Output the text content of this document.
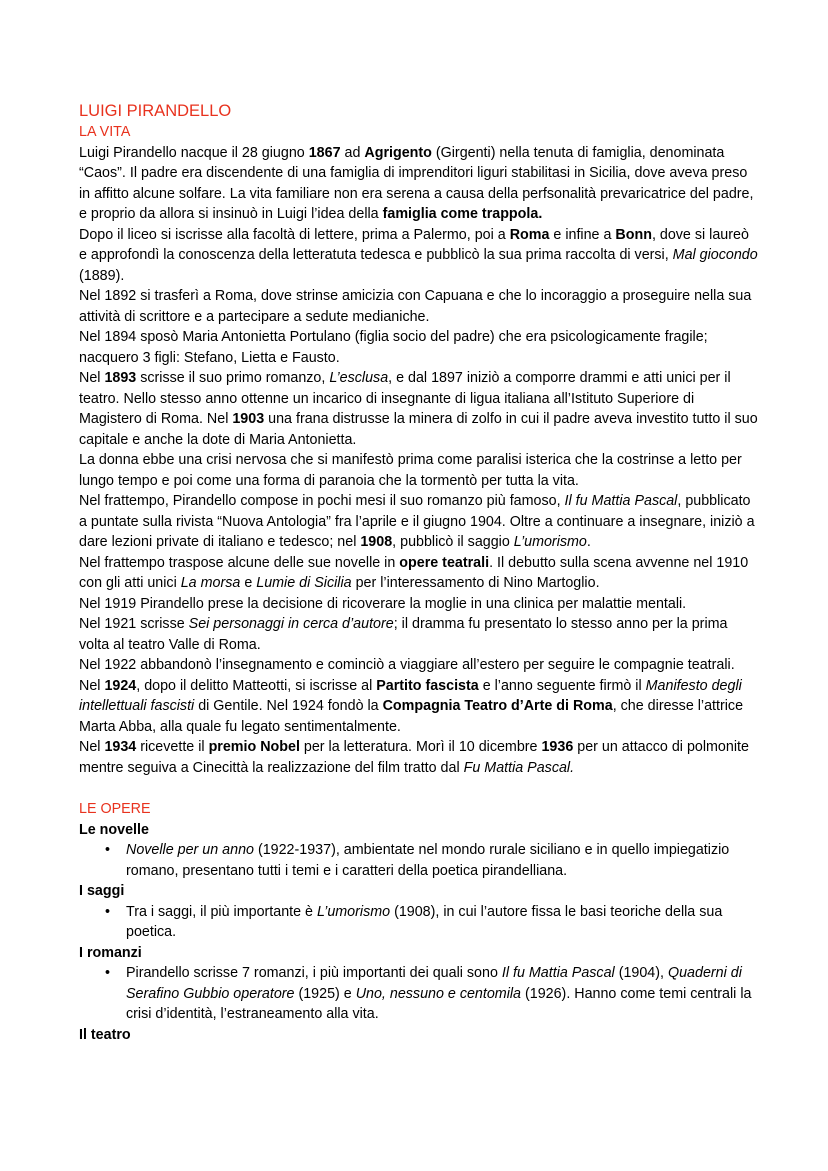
LUIGI PIRANDELLO
LA VITA

Luigi Pirandello nacque il 28 giugno 1867 ad Agrigento (Girgenti) nella tenuta di famiglia, denominata “Caos”. Il padre era discendente di una famiglia di imprenditori liguri stabilitasi in Sicilia, dove aveva preso in affitto alcune solfare. La vita familiare non era serena a causa della perfsonalità prevaricatrice del padre, e proprio da allora si insinuò in Luigi l’idea della famiglia come trappola.

Dopo il liceo si iscrisse alla facoltà di lettere, prima a Palermo, poi a Roma e infine a Bonn, dove si laureò e approfondì la conoscenza della letteratuta tedesca e pubblicò la sua prima raccolta di versi, Mal giocondo (1889).

Nel 1892 si trasferì a Roma, dove strinse amicizia con Capuana e che lo incoraggio a proseguire nella sua attività di scrittore e a partecipare a sedute medianiche.

Nel 1894 sposò Maria Antonietta Portulano (figlia socio del padre) che era psicologicamente fragile; nacquero 3 figli: Stefano, Lietta e Fausto.

Nel 1893 scrisse il suo primo romanzo, L’esclusa, e dal 1897 iniziò a comporre drammi e atti unici per il teatro. Nello stesso anno ottenne un incarico di insegnante di ligua italiana all’Istituto Superiore di Magistero di Roma. Nel 1903 una frana distrusse la minera di zolfo in cui il padre aveva investito tutto il suo capitale e anche la dote di Maria Antonietta.

La donna ebbe una crisi nervosa che si manifestò prima come paralisi isterica che la costrinse a letto per lungo tempo e poi come una forma di paranoia che la tormentò per tutta la vita.

Nel frattempo, Pirandello compose in pochi mesi il suo romanzo più famoso, Il fu Mattia Pascal, pubblicato a puntate sulla rivista “Nuova Antologia” fra l’aprile e il giugno 1904. Oltre a continuare a insegnare, iniziò a dare lezioni private di italiano e tedesco; nel 1908, pubblicò il saggio L’umorismo.

Nel frattempo traspose alcune delle sue novelle in opere teatrali. Il debutto sulla scena avvenne nel 1910 con gli atti unici La morsa e Lumie di Sicilia per l’interessamento di Nino Martoglio.

Nel 1919 Pirandello prese la decisione di ricoverare la moglie in una clinica per malattie mentali.

Nel 1921 scrisse Sei personaggi in cerca d’autore; il dramma fu presentato lo stesso anno per la prima volta al teatro Valle di Roma.

Nel 1922 abbandonò l’insegnamento e cominciò a viaggiare all’estero per seguire le compagnie teatrali. Nel 1924, dopo il delitto Matteotti, si iscrisse al Partito fascista e l’anno seguente firmò il Manifesto degli intellettuali fascisti di Gentile. Nel 1924 fondò la Compagnia Teatro d’Arte di Roma, che diresse l’attrice Marta Abba, alla quale fu legato sentimentalmente.

Nel 1934 ricevette il premio Nobel per la letteratura. Morì il 10 dicembre 1936 per un attacco di polmonite mentre seguiva a Cinecittà la realizzazione del film tratto dal Fu Mattia Pascal.

LE OPERE
Le novelle
• Novelle per un anno (1922-1937), ambientate nel mondo rurale siciliano e in quello impiegatizio romano, presentano tutti i temi e i caratteri della poetica pirandelliana.
I saggi
• Tra i saggi, il più importante è L’umorismo (1908), in cui l’autore fissa le basi teoriche della sua poetica.
I romanzi
• Pirandello scrisse 7 romanzi, i più importanti dei quali sono Il fu Mattia Pascal (1904), Quaderni di Serafino Gubbio operatore (1925) e Uno, nessuno e centomila (1926). Hanno come temi centrali la crisi d’identità, l’estraneamento alla vita.
Il teatro
